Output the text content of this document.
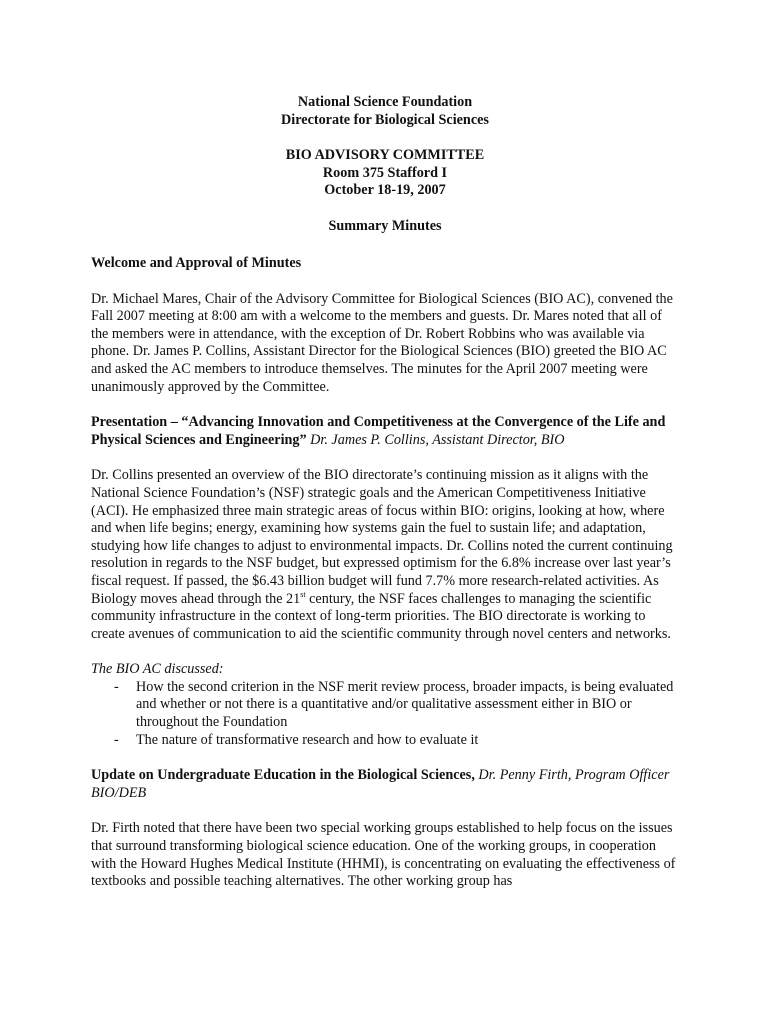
National Science Foundation
Directorate for Biological Sciences
BIO ADVISORY COMMITTEE
Room 375 Stafford I
October 18-19, 2007
Summary Minutes

Welcome and Approval of Minutes

Dr. Michael Mares, Chair of the Advisory Committee for Biological Sciences (BIO AC), convened the Fall 2007 meeting at 8:00 am with a welcome to the members and guests. Dr. Mares noted that all of the members were in attendance, with the exception of Dr. Robert Robbins who was available via phone. Dr. James P. Collins, Assistant Director for the Biological Sciences (BIO) greeted the BIO AC and asked the AC members to introduce themselves. The minutes for the April 2007 meeting were unanimously approved by the Committee.

Presentation – “Advancing Innovation and Competitiveness at the Convergence of the Life and Physical Sciences and Engineering” Dr. James P. Collins, Assistant Director, BIO

Dr. Collins presented an overview of the BIO directorate’s continuing mission as it aligns with the National Science Foundation’s (NSF) strategic goals and the American Competitiveness Initiative (ACI). He emphasized three main strategic areas of focus within BIO: origins, looking at how, where and when life begins; energy, examining how systems gain the fuel to sustain life; and adaptation, studying how life changes to adjust to environmental impacts. Dr. Collins noted the current continuing resolution in regards to the NSF budget, but expressed optimism for the 6.8% increase over last year’s fiscal request. If passed, the $6.43 billion budget will fund 7.7% more research-related activities. As Biology moves ahead through the 21st century, the NSF faces challenges to managing the scientific community infrastructure in the context of long-term priorities. The BIO directorate is working to create avenues of communication to aid the scientific community through novel centers and networks.

The BIO AC discussed:

- How the second criterion in the NSF merit review process, broader impacts, is being evaluated and whether or not there is a quantitative and/or qualitative assessment either in BIO or throughout the Foundation
- The nature of transformative research and how to evaluate it

Update on Undergraduate Education in the Biological Sciences, Dr. Penny Firth, Program Officer BIO/DEB

Dr. Firth noted that there have been two special working groups established to help focus on the issues that surround transforming biological science education. One of the working groups, in cooperation with the Howard Hughes Medical Institute (HHMI), is concentrating on evaluating the effectiveness of textbooks and possible teaching alternatives. The other working group has
